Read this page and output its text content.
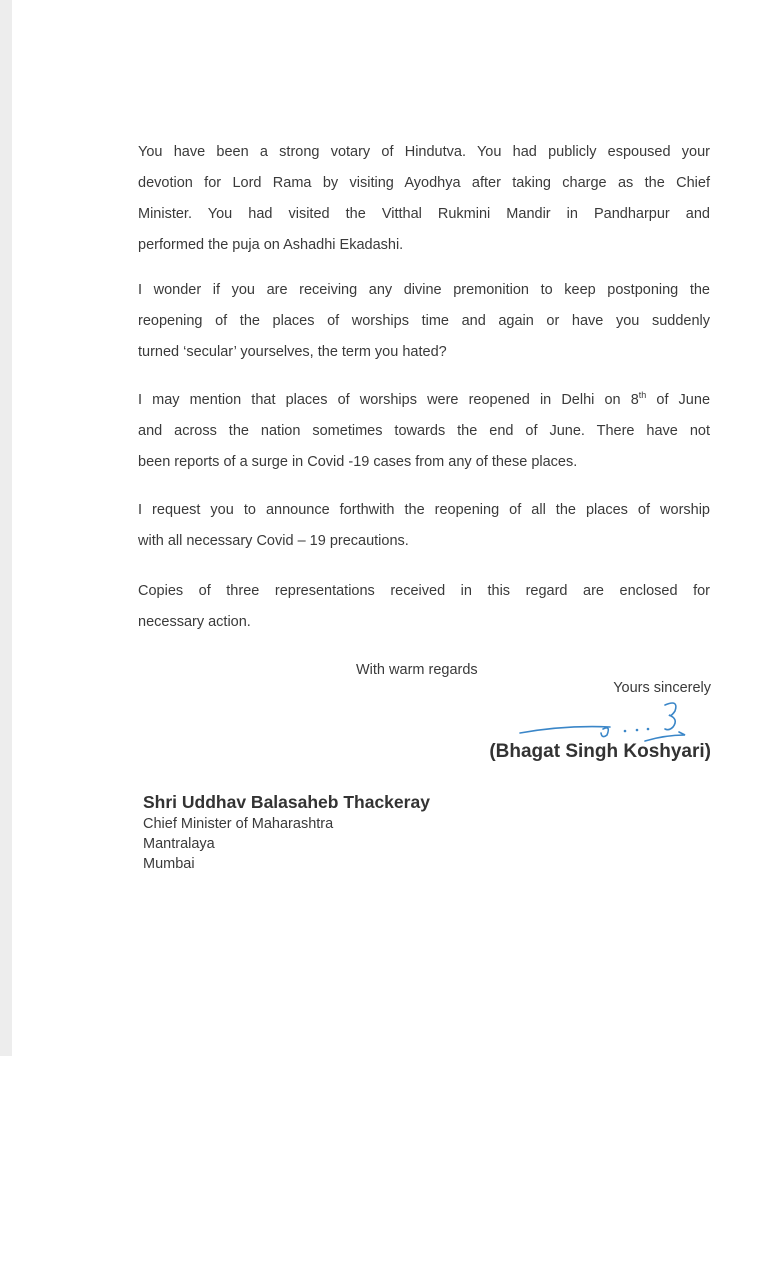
You have been a strong votary of Hindutva. You had publicly espoused your
devotion for Lord Rama by visiting Ayodhya after taking charge as the Chief
Minister. You had visited the Vitthal Rukmini Mandir in Pandharpur and
performed the puja on Ashadhi Ekadashi.
I wonder if you are receiving any divine premonition to keep postponing the
reopening of the places of worships time and again or have you suddenly
turned ‘secular’ yourselves, the term you hated?
I may mention that places of worships were reopened in Delhi on 8th of June
and across the nation sometimes towards the end of June. There have not
been reports of a surge in Covid -19 cases from any of these places.
I request you to announce forthwith the reopening of all the places of worship
with all necessary Covid – 19 precautions.
Copies of three representations received in this regard are enclosed for
necessary action.
With warm regards
Yours sincerely
(Bhagat Singh Koshyari)
Shri Uddhav Balasaheb Thackeray
Chief Minister of Maharashtra
Mantralaya
Mumbai
